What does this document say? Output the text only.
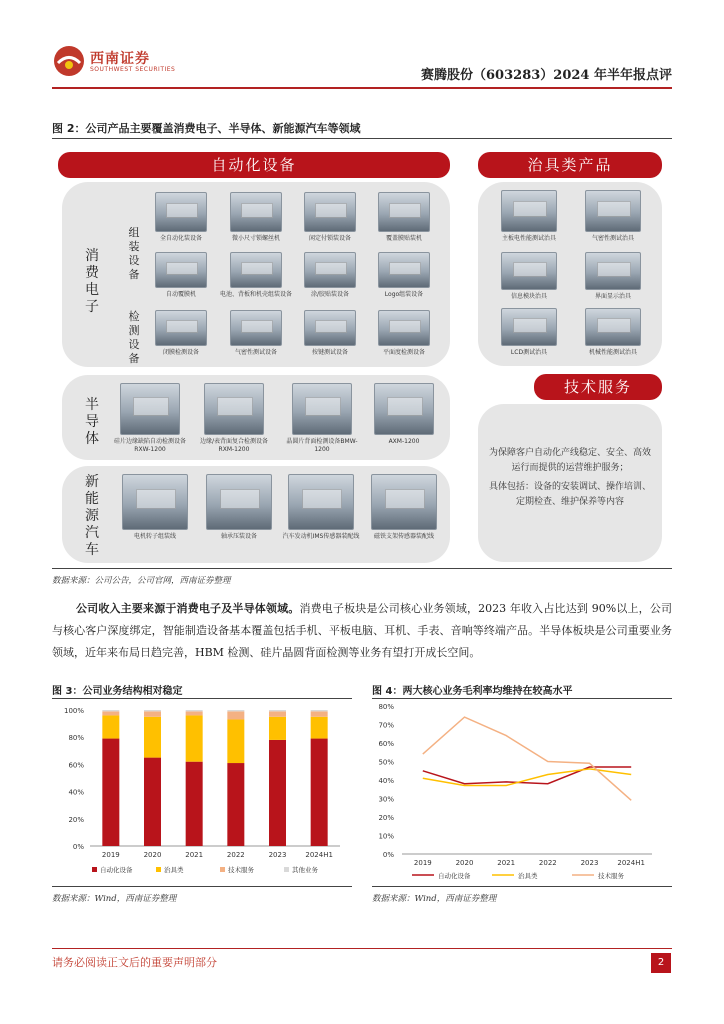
西南证券
SOUTHWEST SECURITIES	赛腾股份（603283）2024 年半年报点评
图 2：公司产品主要覆盖消费电子、半导体、新能源汽车等领域
自动化设备
消费电子
组装设备
检测设备
半导体
新能源汽车
全自动化装设备	微小尺寸锁螺丝机	闲定付锁装设备	覆盖膜贴装机
自动覆膜机	电池、背板和机壳组装设备	涂/胶贴装设备	Logo组装设备
闭膜检测设备	气密性测试设备	按键测试设备	平面度检测设备
硅片边缘缺陷自动检测设备RXW-1200
边缘/表背面复合检测设备RXM-1200
晶圆片背面检测设备BMW-1200
AXM-1200
电机转子组装线	轴承压装设备	汽车发动机IMS传感器装配线	磁铁支架传感器装配线
治具类产品
主板电性能测试治具	气密性测试治具
信息模块治具	界面显示治具
LCD测试治具	机械性能测试治具
技术服务
为保障客户自动化产线稳定、安全、高效运行而提供的运营维护服务；
具体包括：设备的安装调试、操作培训、定期检查、维护保养等内容
数据来源：公司公告，公司官网，西南证券整理
公司收入主要来源于消费电子及半导体领域。消费电子板块是公司核心业务领域，2023 年收入占比达到 90%以上，公司与核心客户深度绑定，智能制造设备基本覆盖包括手机、平板电脑、耳机、手表、音响等终端产品。半导体板块是公司重要业务领域，近年来布局日趋完善，HBM 检测、硅片晶圆背面检测等业务有望打开成长空间。
图 3：公司业务结构相对稳定	图 4：两大核心业务毛利率均维持在较高水平
0%
20%
40%
60%
80%
100%
2019	2020	2021	2022	2023	2024H1
自动化设备	治具类	技术服务	其他业务
0%
10%
20%
30%
40%
50%
60%
70%
80%
2019	2020	2021	2022	2023	2024H1
自动化设备	治具类	技术服务
数据来源：Wind，西南证券整理	数据来源：Wind，西南证券整理
请务必阅读正文后的重要声明部分	2
